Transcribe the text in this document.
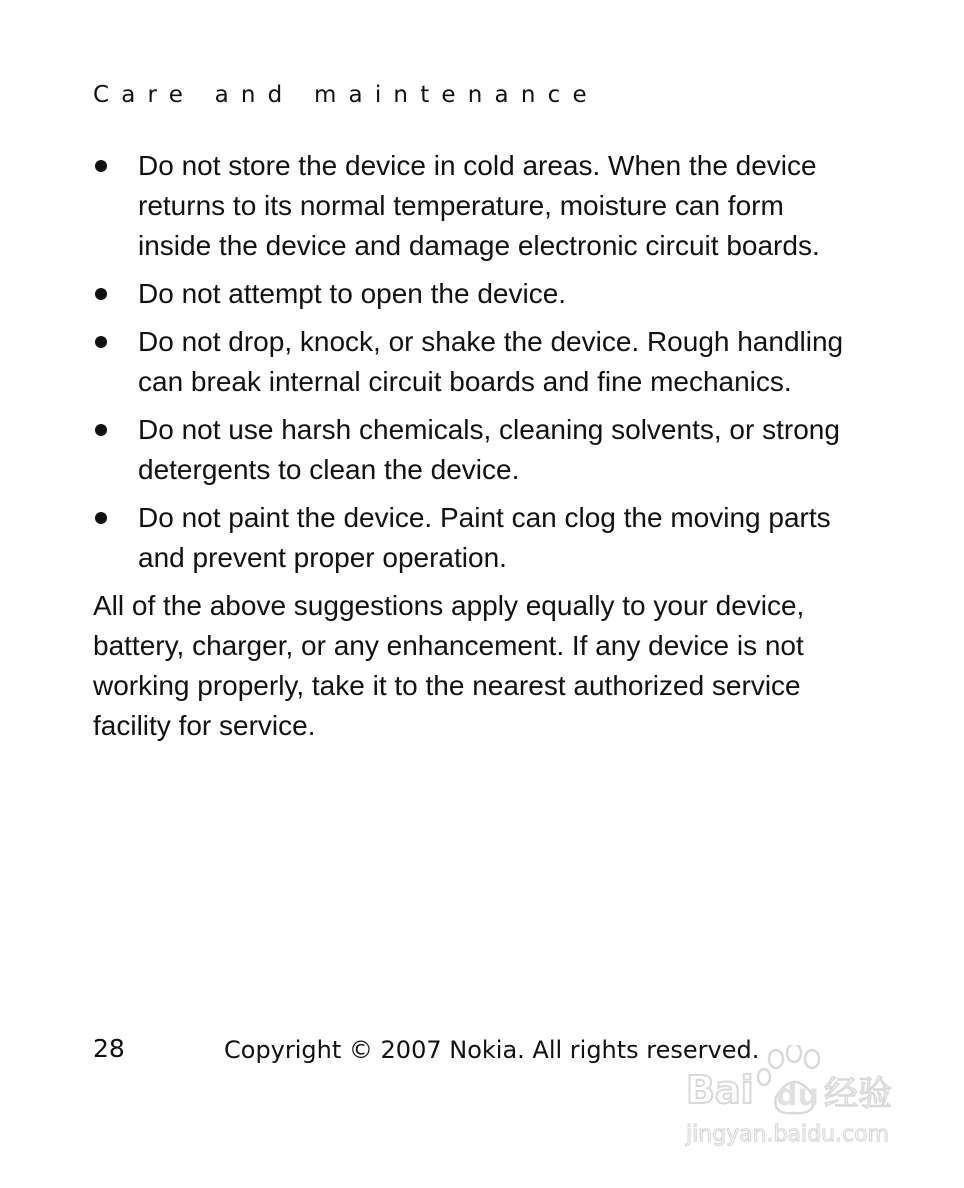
Care and maintenance
Do not store the device in cold areas. When the device returns to its normal temperature, moisture can form inside the device and damage electronic circuit boards.
Do not attempt to open the device.
Do not drop, knock, or shake the device. Rough handling can break internal circuit boards and fine mechanics.
Do not use harsh chemicals, cleaning solvents, or strong detergents to clean the device.
Do not paint the device. Paint can clog the moving parts and prevent proper operation.

All of the above suggestions apply equally to your device, battery, charger, or any enhancement. If any device is not working properly, take it to the nearest authorized service facility for service.

28	Copyright © 2007 Nokia. All rights reserved.
Bai du 经验
jingyan.baidu.com
